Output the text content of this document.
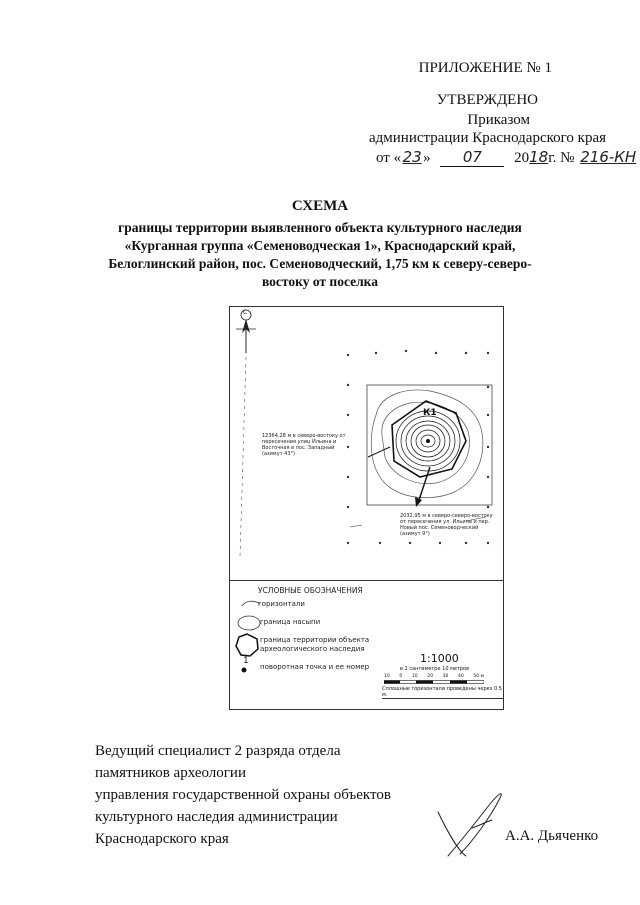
ПРИЛОЖЕНИЕ № 1
УТВЕРЖДЕНО
Приказом
администрации Краснодарского края
от «23» 07 2018г. № 216-КН
СХЕМА
границы территории выявленного объекта культурного наследия
«Курганная группа «Семеноводческая 1», Краснодарский край,
Белоглинский район, пос. Семеноводческий, 1,75 км к северу-северо-
востоку от поселка
К1
С
12364,28 м в северо-востоку от пересечения улиц Ильина и Восточная в пос. Западный (азимут 43°)
2032,95 м в северо-северо-востоку от пересечения ул. Ильина и пер. Новый пос. Семеноводческий (азимут 9°)
УСЛОВНЫЕ ОБОЗНАЧЕНИЯ
горизонтали
граница насыпи
граница территории объекта археологического наследия
1
поворотная точка и ее номер
1:1000
в 1 сантиметре 10 метров
10 0 10 20 30 40 50 м
Сплошные горизонтали проведены через 0.5 м.
Ведущий специалист 2 разряда отдела
памятников археологии
управления государственной охраны объектов
культурного наследия администрации
Краснодарского края	А.А. Дьяченко
